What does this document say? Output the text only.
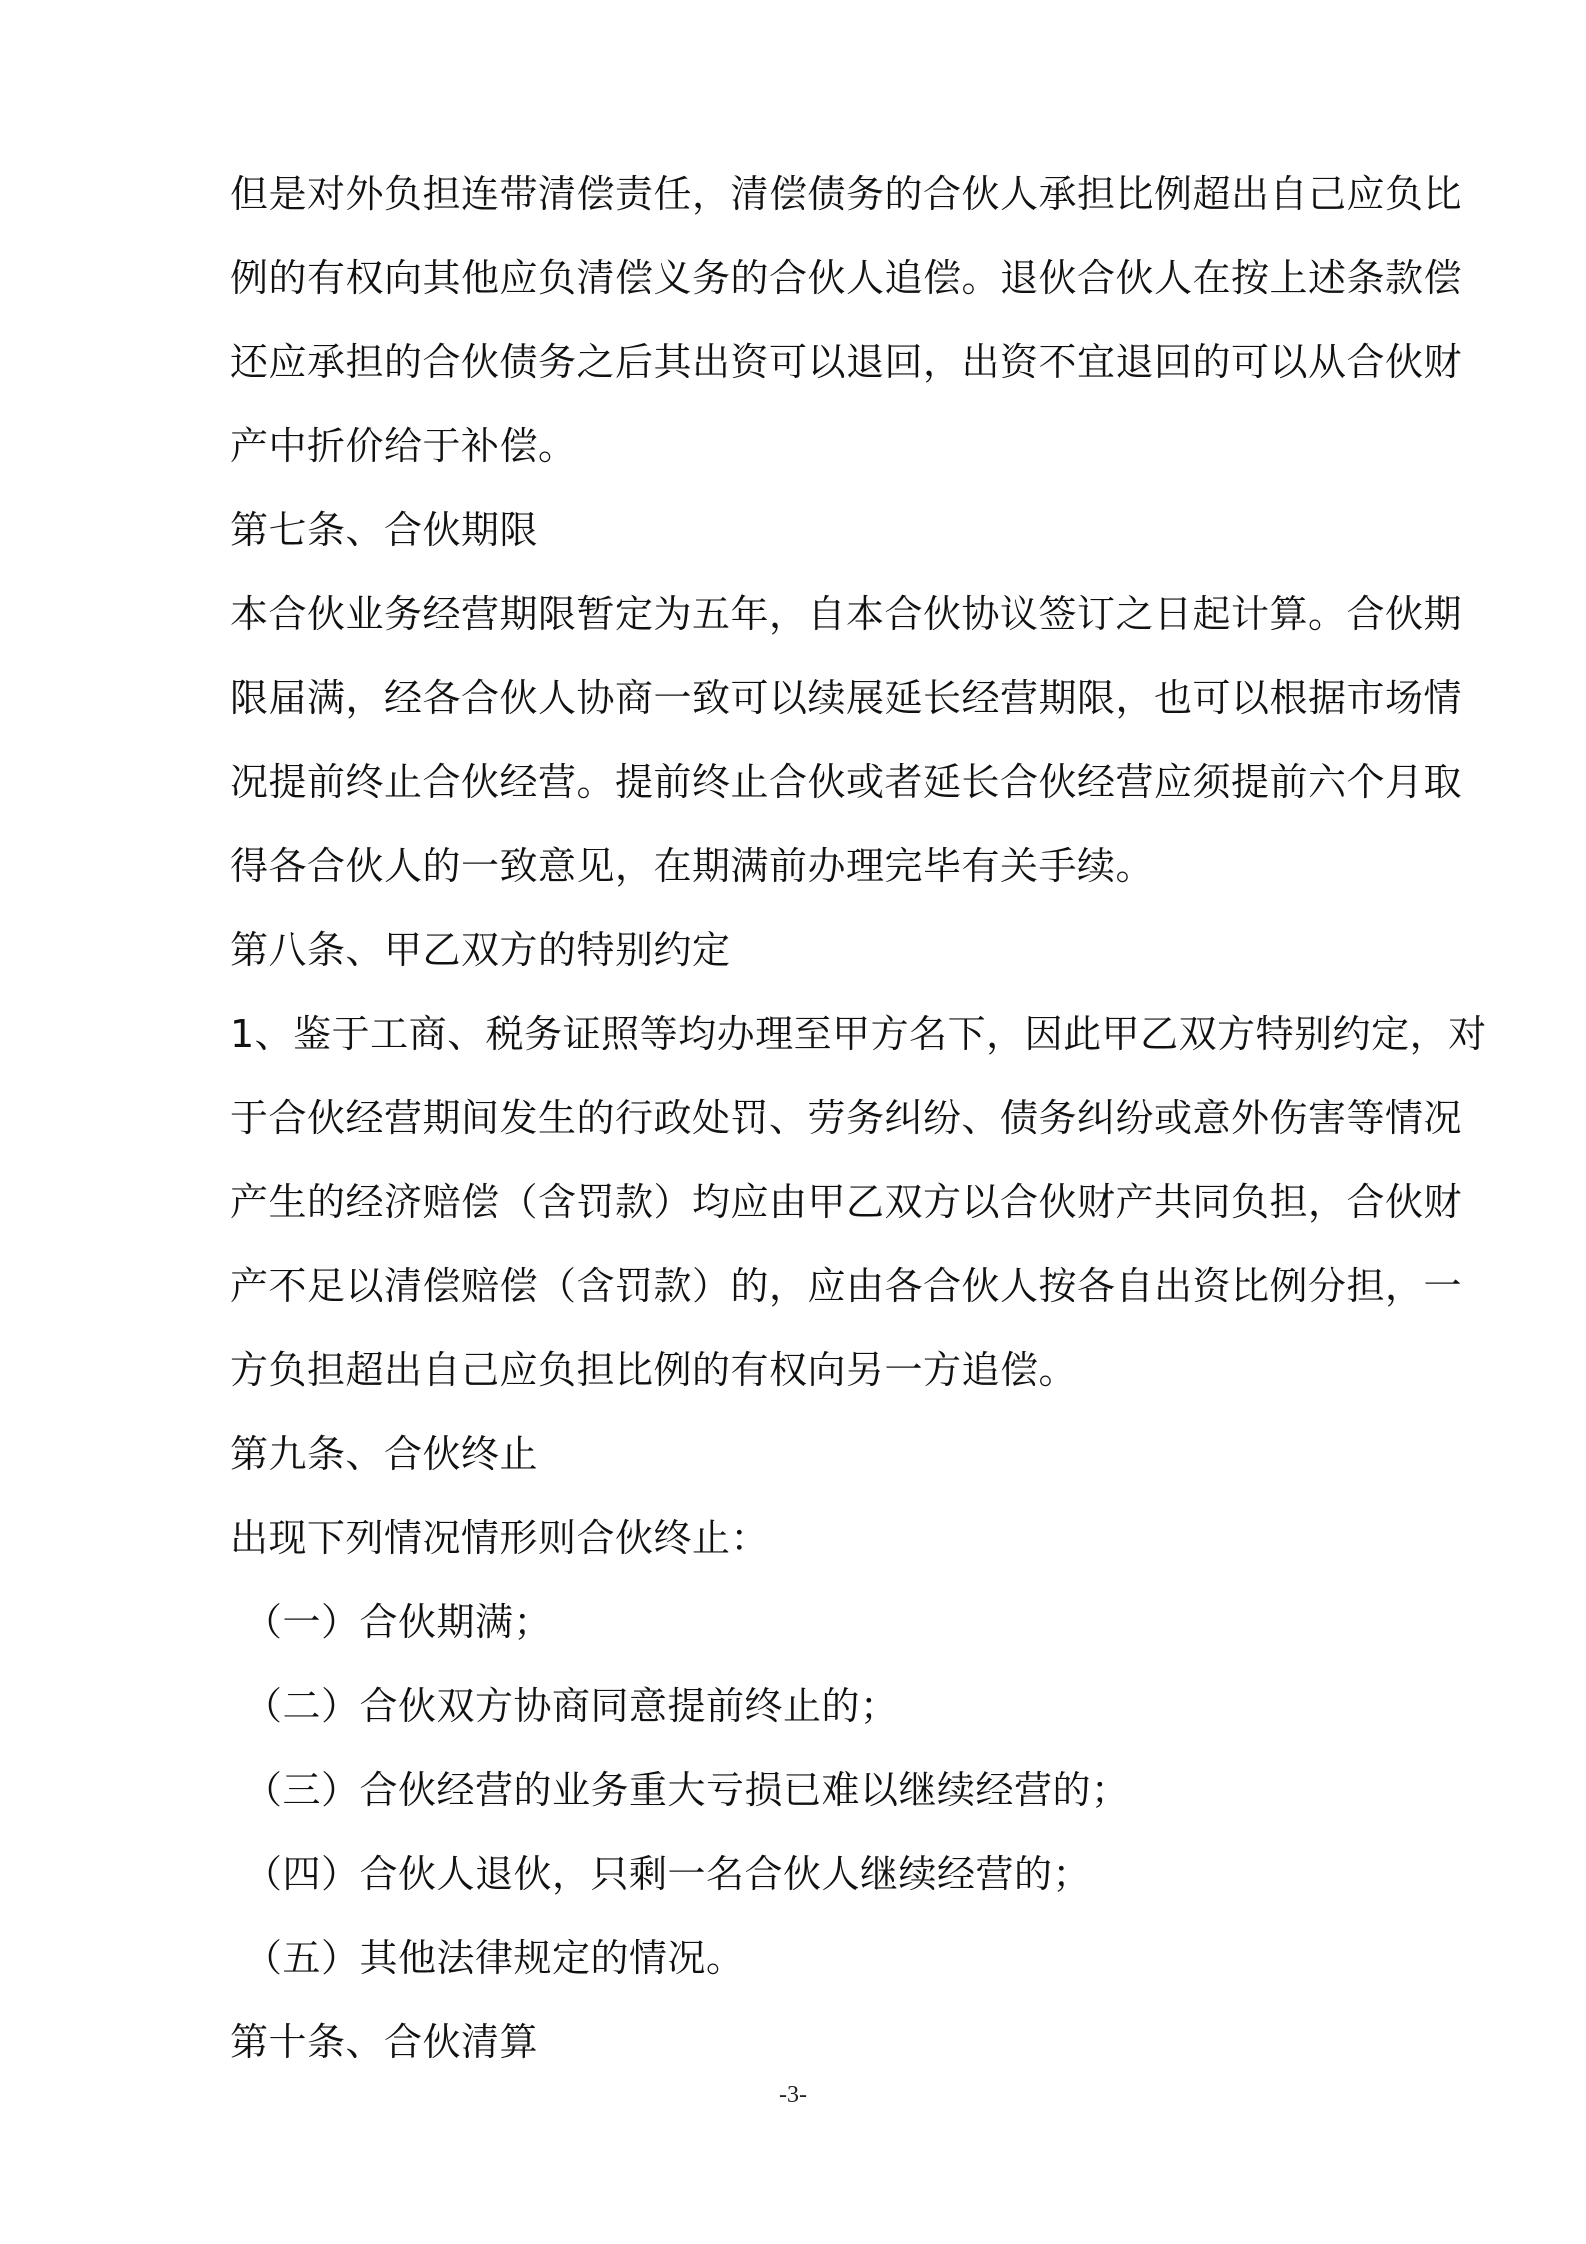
但是对外负担连带清偿责任，清偿债务的合伙人承担比例超出自己应负比
例的有权向其他应负清偿义务的合伙人追偿。退伙合伙人在按上述条款偿
还应承担的合伙债务之后其出资可以退回，出资不宜退回的可以从合伙财
产中折价给于补偿。
第七条、合伙期限
本合伙业务经营期限暂定为五年，自本合伙协议签订之日起计算。合伙期
限届满，经各合伙人协商一致可以续展延长经营期限，也可以根据市场情
况提前终止合伙经营。提前终止合伙或者延长合伙经营应须提前六个月取
得各合伙人的一致意见，在期满前办理完毕有关手续。
第八条、甲乙双方的特别约定
1、鉴于工商、税务证照等均办理至甲方名下，因此甲乙双方特别约定，对
于合伙经营期间发生的行政处罚、劳务纠纷、债务纠纷或意外伤害等情况
产生的经济赔偿（含罚款）均应由甲乙双方以合伙财产共同负担，合伙财
产不足以清偿赔偿（含罚款）的，应由各合伙人按各自出资比例分担，一
方负担超出自己应负担比例的有权向另一方追偿。
第九条、合伙终止
出现下列情况情形则合伙终止：
（一）合伙期满；
（二）合伙双方协商同意提前终止的；
（三）合伙经营的业务重大亏损已难以继续经营的；
（四）合伙人退伙，只剩一名合伙人继续经营的；
（五）其他法律规定的情况。
第十条、合伙清算
-3-
